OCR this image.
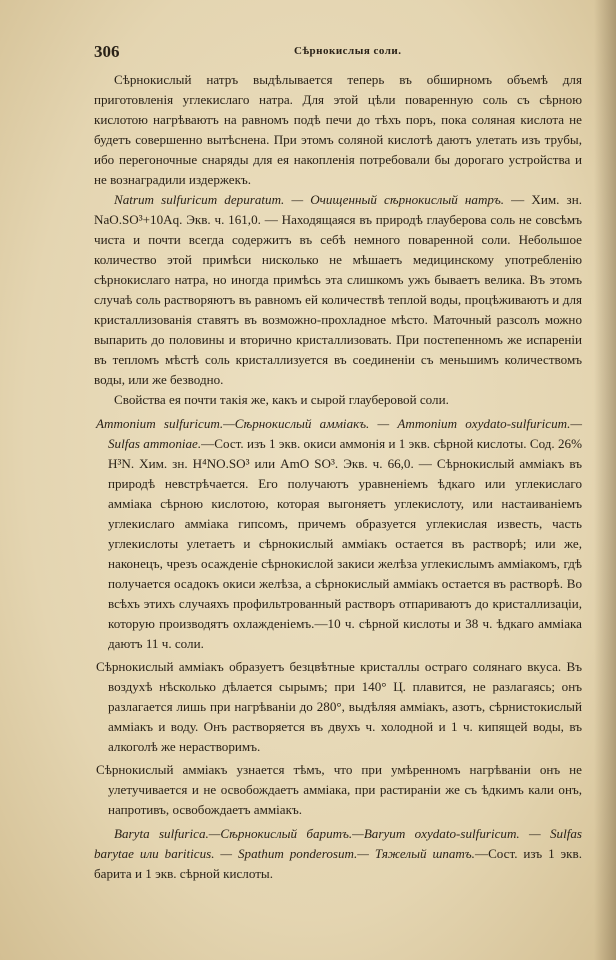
306	Сѣрнокислыя соли.

Сѣрнокислый натръ выдѣлывается теперь въ обширномъ объемѣ для приготовленія углекислаго натра. Для этой цѣли поваренную соль съ сѣрною кислотою нагрѣваютъ на равномъ подѣ печи до тѣхъ поръ, пока соляная кислота не будетъ совершенно вытѣснена. При этомъ соляной кислотѣ даютъ улетать изъ трубы, ибо перегоночные снаряды для ея накопленія потребовали бы дорогаго устройства и не вознаградили издержекъ.

Natrum sulfuricum depuratum. — Очищенный сѣрнокислый натръ. — Хим. зн. NaO.SO³+10Aq. Экв. ч. 161,0. — Находящаяся въ природѣ глауберова соль не совсѣмъ чиста и почти всегда содержитъ въ себѣ немного поваренной соли. Небольшое количество этой примѣси нисколько не мѣшаетъ медицинскому употребленію сѣрнокислаго натра, но иногда примѣсь эта слишкомъ ужъ бываетъ велика. Въ этомъ случаѣ соль растворяютъ въ равномъ ей количествѣ теплой воды, процѣживаютъ и для кристаллизованія ставятъ въ возможно-прохладное мѣсто. Маточный разсолъ можно выпарить до половины и вторично кристаллизовать. При постепенномъ же испареніи въ тепломъ мѣстѣ соль кристаллизуется въ соединеніи съ меньшимъ количествомъ воды, или же безводно.

Свойства ея почти такія же, какъ и сырой глауберовой соли.

Ammonium sulfuricum.—Сѣрнокислый аммiакъ. — Ammonium oxydato-sulfuricum.—Sulfas ammoniae.—Сост. изъ 1 экв. окиси аммонія и 1 экв. сѣрной кислоты. Сод. 26% H³N. Хим. зн. H⁴NO.SO³ или AmO SO³. Экв. ч. 66,0. — Сѣрнокислый аммiакъ въ природѣ невстрѣчается. Его получаютъ уравненіемъ ѣдкаго или углекислаго аммiака сѣрною кислотою, которая выгоняетъ углекислоту, или настаиваніемъ углекислаго аммiака гипсомъ, причемъ образуется углекислая известь, часть углекислоты улетаетъ и сѣрнокислый аммiакъ остается въ растворѣ; или же, наконецъ, чрезъ осажденіе сѣрнокислой закиси желѣза углекислымъ аммiакомъ, гдѣ получается осадокъ окиси желѣза, а сѣрнокислый аммiакъ остается въ растворѣ. Во всѣхъ этихъ случаяхъ профильтрованный растворъ отпариваютъ до кристаллизаціи, которую производятъ охлажденіемъ.—10 ч. сѣрной кислоты и 38 ч. ѣдкаго аммiака даютъ 11 ч. соли.

Сѣрнокислый аммiакъ образуетъ безцвѣтные кристаллы остраго солянаго вкуса. Въ воздухѣ нѣсколько дѣлается сырымъ; при 140° Ц. плавится, не разлагаясь; онъ разлагается лишь при нагрѣваніи до 280°, выдѣляя аммiакъ, азотъ, сѣрнистокислый аммiакъ и воду. Онъ растворяется въ двухъ ч. холодной и 1 ч. кипящей воды, въ алкоголѣ же нерастворимъ.

Сѣрнокислый аммiакъ узнается тѣмъ, что при умѣренномъ нагрѣваніи онъ не улетучивается и не освобождаетъ аммiака, при растираніи же съ ѣдкимъ кали онъ, напротивъ, освобождаетъ аммiакъ.

Baryta sulfurica.—Сѣрнокислый баритъ.—Baryum oxydato-sulfuricum. — Sulfas barytae или bariticus. — Spathum ponderosum.— Тяжелый шпатъ.—Сост. изъ 1 экв. барита и 1 экв. сѣрной кислоты.
